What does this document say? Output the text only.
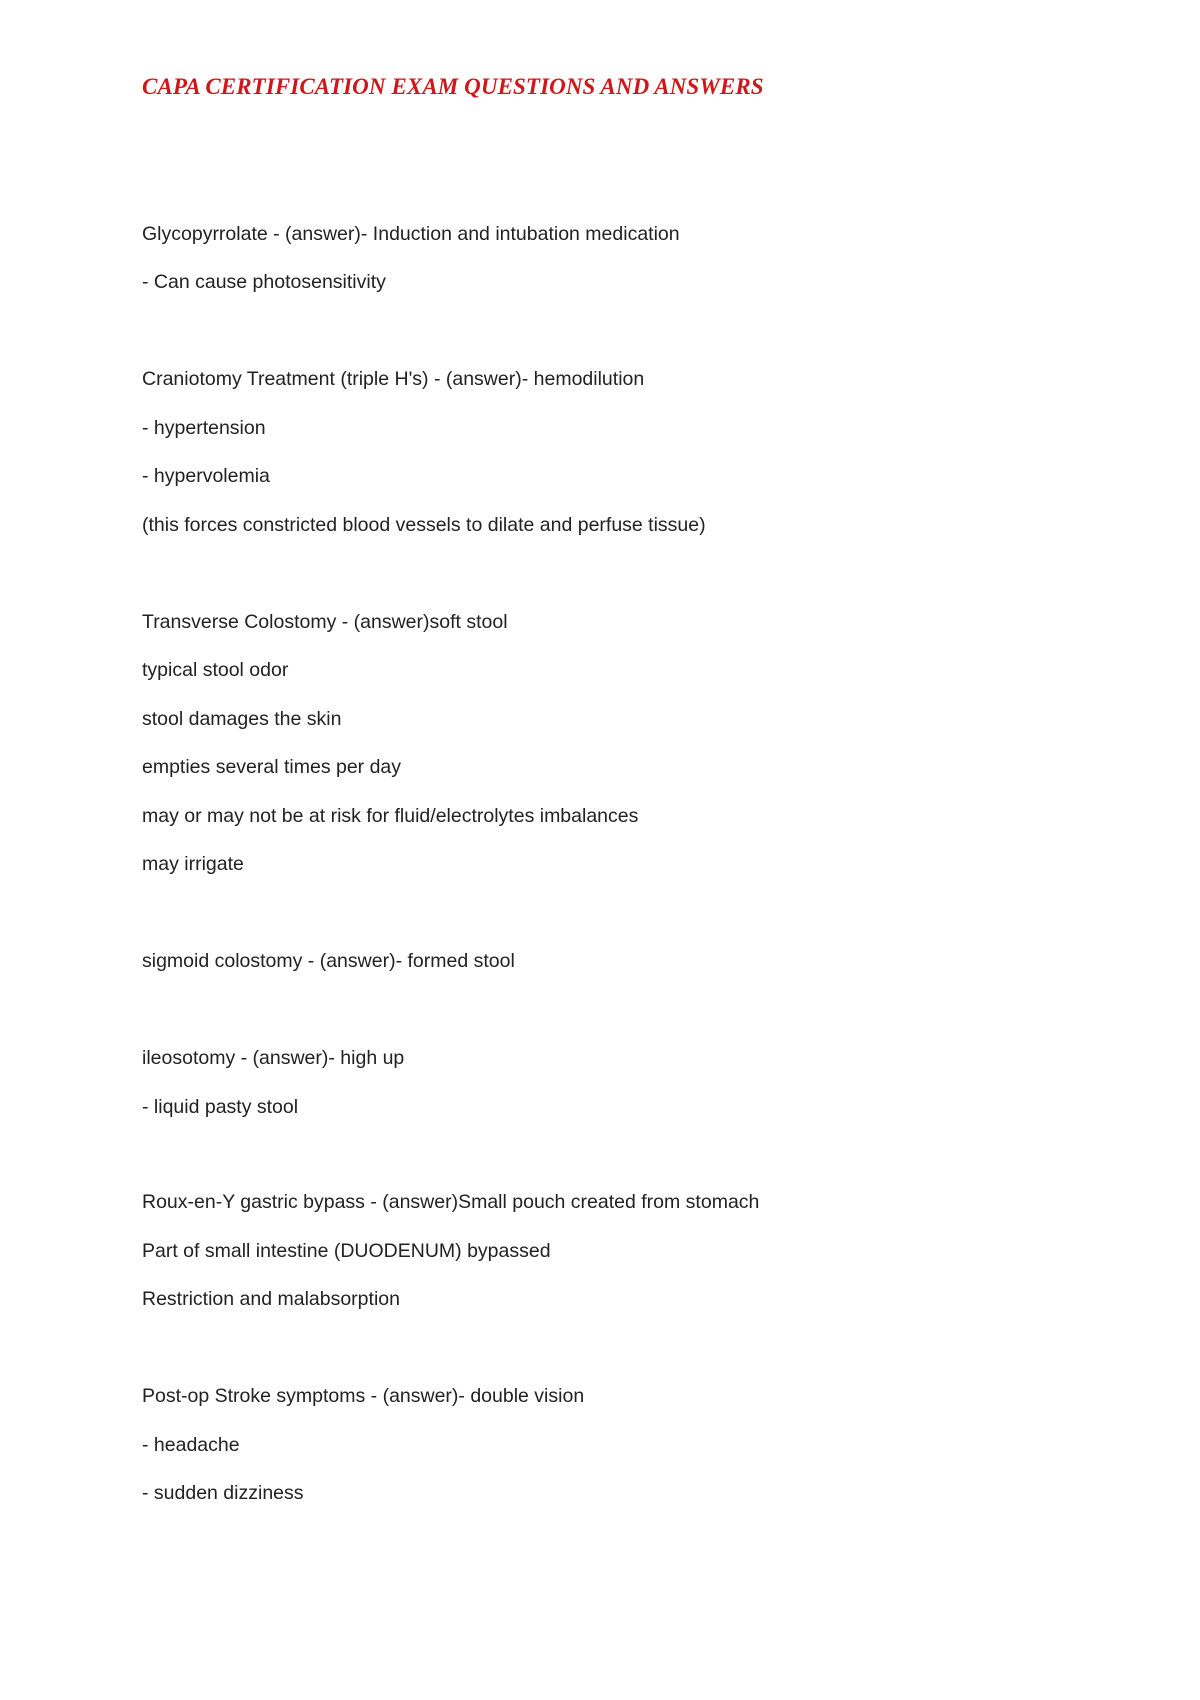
CAPA CERTIFICATION EXAM QUESTIONS AND ANSWERS

Glycopyrrolate - (answer)- Induction and intubation medication

- Can cause photosensitivity

Craniotomy Treatment (triple H's) - (answer)- hemodilution

- hypertension

- hypervolemia

(this forces constricted blood vessels to dilate and perfuse tissue)

Transverse Colostomy - (answer)soft stool

typical stool odor

stool damages the skin

empties several times per day

may or may not be at risk for fluid/electrolytes imbalances

may irrigate

sigmoid colostomy - (answer)- formed stool

ileosotomy - (answer)- high up

- liquid pasty stool

Roux-en-Y gastric bypass - (answer)Small pouch created from stomach

Part of small intestine (DUODENUM) bypassed

Restriction and malabsorption

Post-op Stroke symptoms - (answer)- double vision

- headache

- sudden dizziness
